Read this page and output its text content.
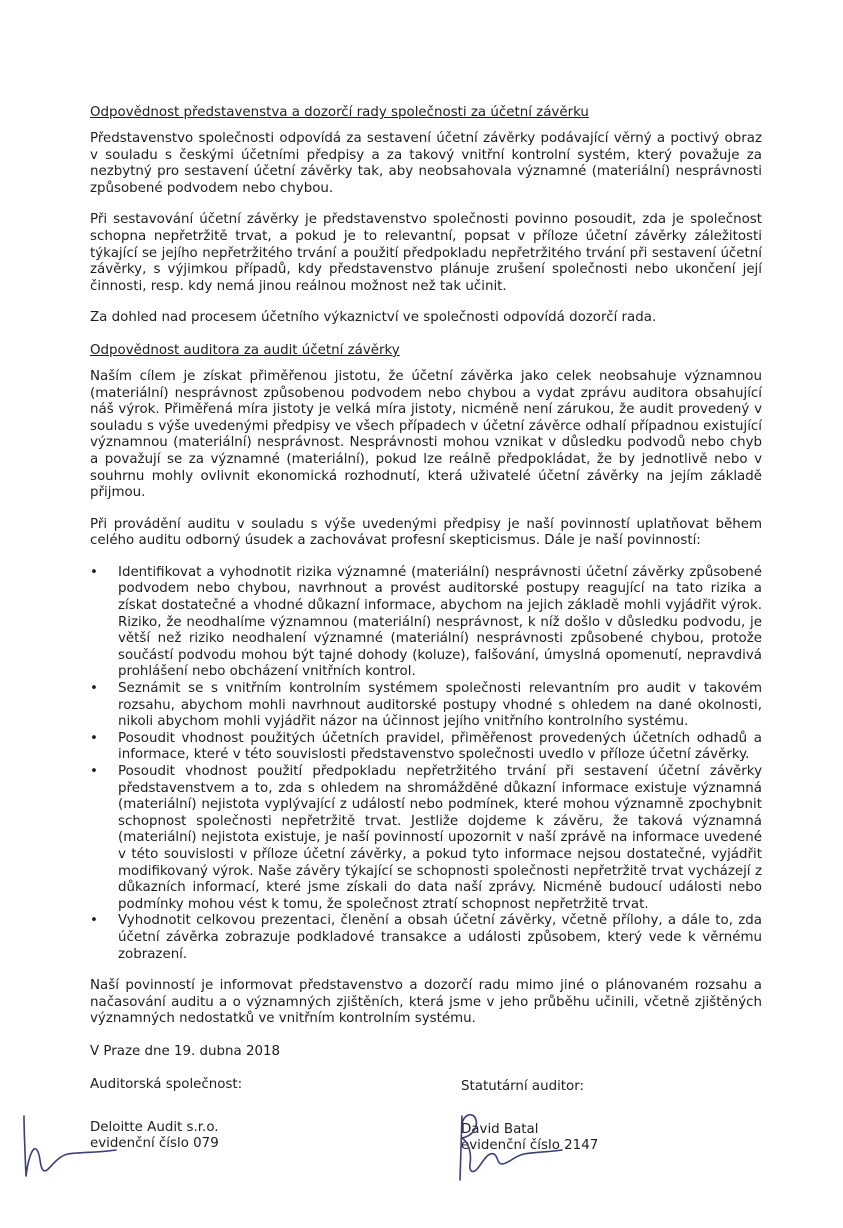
Odpovědnost představenstva a dozorčí rady společnosti za účetní závěrku

Představenstvo společnosti odpovídá za sestavení účetní závěrky podávající věrný a poctivý obraz v souladu s českými účetními předpisy a za takový vnitřní kontrolní systém, který považuje za nezbytný pro sestavení účetní závěrky tak, aby neobsahovala významné (materiální) nesprávnosti způsobené podvodem nebo chybou.

Při sestavování účetní závěrky je představenstvo společnosti povinno posoudit, zda je společnost schopna nepřetržitě trvat, a pokud je to relevantní, popsat v příloze účetní závěrky záležitosti týkající se jejího nepřetržitého trvání a použití předpokladu nepřetržitého trvání při sestavení účetní závěrky, s výjimkou případů, kdy představenstvo plánuje zrušení společnosti nebo ukončení její činnosti, resp. kdy nemá jinou reálnou možnost než tak učinit.

Za dohled nad procesem účetního výkaznictví ve společnosti odpovídá dozorčí rada.

Odpovědnost auditora za audit účetní závěrky

Naším cílem je získat přiměřenou jistotu, že účetní závěrka jako celek neobsahuje významnou (materiální) nesprávnost způsobenou podvodem nebo chybou a vydat zprávu auditora obsahující náš výrok. Přiměřená míra jistoty je velká míra jistoty, nicméně není zárukou, že audit provedený v souladu s výše uvedenými předpisy ve všech případech v účetní závěrce odhalí případnou existující významnou (materiální) nesprávnost. Nesprávnosti mohou vznikat v důsledku podvodů nebo chyb a považují se za významné (materiální), pokud lze reálně předpokládat, že by jednotlivě nebo v souhrnu mohly ovlivnit ekonomická rozhodnutí, která uživatelé účetní závěrky na jejím základě přijmou.

Při provádění auditu v souladu s výše uvedenými předpisy je naší povinností uplatňovat během celého auditu odborný úsudek a zachovávat profesní skepticismus. Dále je naší povinností:

• Identifikovat a vyhodnotit rizika významné (materiální) nesprávnosti účetní závěrky způsobené podvodem nebo chybou, navrhnout a provést auditorské postupy reagující na tato rizika a získat dostatečné a vhodné důkazní informace, abychom na jejich základě mohli vyjádřit výrok. Riziko, že neodhalíme významnou (materiální) nesprávnost, k níž došlo v důsledku podvodu, je větší než riziko neodhalení významné (materiální) nesprávnosti způsobené chybou, protože součástí podvodu mohou být tajné dohody (koluze), falšování, úmyslná opomenutí, nepravdivá prohlášení nebo obcházení vnitřních kontrol.
• Seznámit se s vnitřním kontrolním systémem společnosti relevantním pro audit v takovém rozsahu, abychom mohli navrhnout auditorské postupy vhodné s ohledem na dané okolnosti, nikoli abychom mohli vyjádřit názor na účinnost jejího vnitřního kontrolního systému.
• Posoudit vhodnost použitých účetních pravidel, přiměřenost provedených účetních odhadů a informace, které v této souvislosti představenstvo společnosti uvedlo v příloze účetní závěrky.
• Posoudit vhodnost použití předpokladu nepřetržitého trvání při sestavení účetní závěrky představenstvem a to, zda s ohledem na shromážděné důkazní informace existuje významná (materiální) nejistota vyplývající z událostí nebo podmínek, které mohou významně zpochybnit schopnost společnosti nepřetržitě trvat. Jestliže dojdeme k závěru, že taková významná (materiální) nejistota existuje, je naší povinností upozornit v naší zprávě na informace uvedené v této souvislosti v příloze účetní závěrky, a pokud tyto informace nejsou dostatečné, vyjádřit modifikovaný výrok. Naše závěry týkající se schopnosti společnosti nepřetržitě trvat vycházejí z důkazních informací, které jsme získali do data naší zprávy. Nicméně budoucí události nebo podmínky mohou vést k tomu, že společnost ztratí schopnost nepřetržitě trvat.
• Vyhodnotit celkovou prezentaci, členění a obsah účetní závěrky, včetně přílohy, a dále to, zda účetní závěrka zobrazuje podkladové transakce a události způsobem, který vede k věrnému zobrazení.

Naší povinností je informovat představenstvo a dozorčí radu mimo jiné o plánovaném rozsahu a načasování auditu a o významných zjištěních, která jsme v jeho průběhu učinili, včetně zjištěných významných nedostatků ve vnitřním kontrolním systému.

V Praze dne 19. dubna 2018
Auditorská společnost:
Deloitte Audit s.r.o.
evidenční číslo 079
Statutární auditor:
David Batal
evidenční číslo 2147
